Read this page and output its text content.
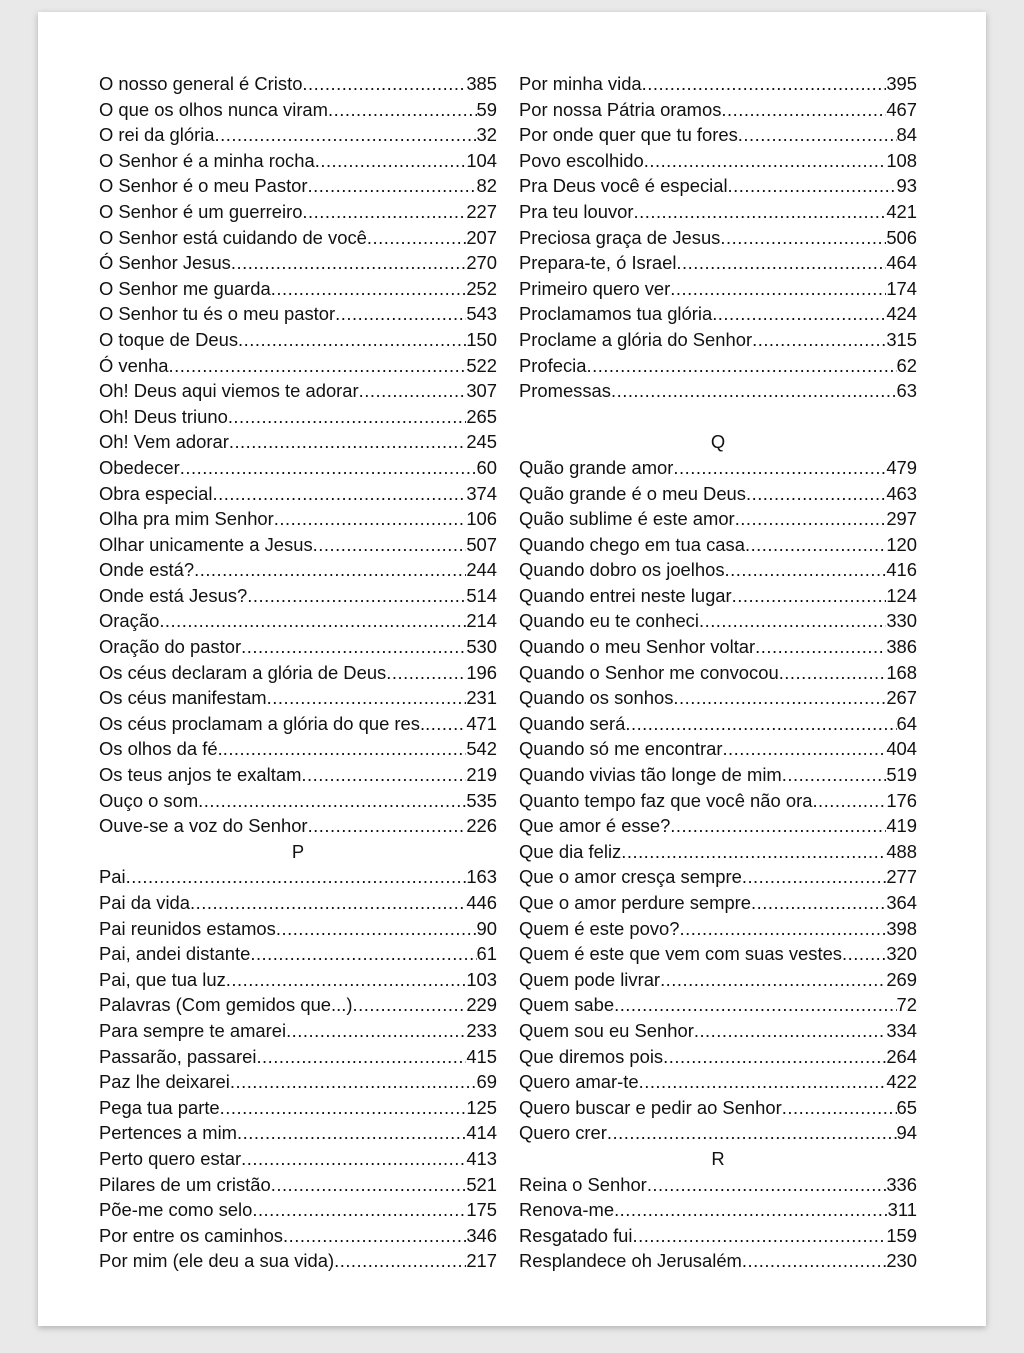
O nosso general é Cristo .....	385
O que os olhos nunca viram .....	59
O rei da glória .....	32
O Senhor é a minha rocha .....	104
O Senhor é o meu Pastor .....	82
O Senhor é um guerreiro .....	227
O Senhor está cuidando de você .....	207
Ó Senhor Jesus .....	270
O Senhor me guarda .....	252
O Senhor tu és o meu pastor .....	543
O toque de Deus .....	150
Ó venha .....	522
Oh! Deus aqui viemos te adorar .....	307
Oh! Deus triuno .....	265
Oh! Vem adorar .....	245
Obedecer .....	60
Obra especial .....	374
Olha pra mim Senhor .....	106
Olhar unicamente a Jesus .....	507
Onde está? .....	244
Onde está Jesus? .....	514
Oração .....	214
Oração do pastor .....	530
Os céus declaram a glória de Deus .....	196
Os céus manifestam .....	231
Os céus proclamam a glória do que res. ..... 471
Os olhos da fé. .....	542
Os teus anjos te exaltam .....	219
Ouço o som .....	535
Ouve-se a voz do Senhor .....	226
P
Pai .....	163
Pai da vida .....	446
Pai reunidos estamos .....	90
Pai, andei distante .....	61
Pai, que tua luz .....	103
Palavras (Com gemidos que...) .....	229
Para sempre te amarei .....	233
Passarão, passarei .....	415
Paz lhe deixarei .....	69
Pega tua parte .....	125
Pertences a mim .....	414
Perto quero estar .....	413
Pilares de um cristão .....	521
Põe-me como selo .....	175
Por entre os caminhos .....	346
Por mim (ele deu a sua vida) .....	217
Por minha vida .....	395
Por nossa Pátria oramos .....	467
Por onde quer que tu fores .....	84
Povo escolhido .....	108
Pra Deus você é especial .....	93
Pra teu louvor .....	421
Preciosa graça de Jesus .....	506
Prepara-te, ó Israel .....	464
Primeiro quero ver .....	174
Proclamamos tua glória .....	424
Proclame a glória do Senhor .....	315
Profecia .....	62
Promessas .....	63
Q
Quão grande amor .....	479
Quão grande é o meu Deus .....	463
Quão sublime é este amor .....	297
Quando chego em tua casa .....	120
Quando dobro os joelhos .....	416
Quando entrei neste lugar .....	124
Quando eu te conheci .....	330
Quando o meu Senhor voltar .....	386
Quando o Senhor me convocou .....	168
Quando os sonhos .....	267
Quando será .....	64
Quando só me encontrar .....	404
Quando vivias tão longe de mim .....	519
Quanto tempo faz que você não ora .....	176
Que amor é esse? .....	419
Que dia feliz .....	488
Que o amor cresça sempre .....	277
Que o amor perdure sempre .....	364
Quem é este povo? .....	398
Quem é este que vem com suas vestes ..... 320
Quem pode livrar .....	269
Quem sabe .....	72
Quem sou eu Senhor .....	334
Que diremos pois .....	264
Quero amar-te .....	422
Quero buscar e pedir ao Senhor .....	65
Quero crer .....	94
R
Reina o Senhor .....	336
Renova-me .....	311
Resgatado fui .....	159
Resplandece oh Jerusalém .....	230
